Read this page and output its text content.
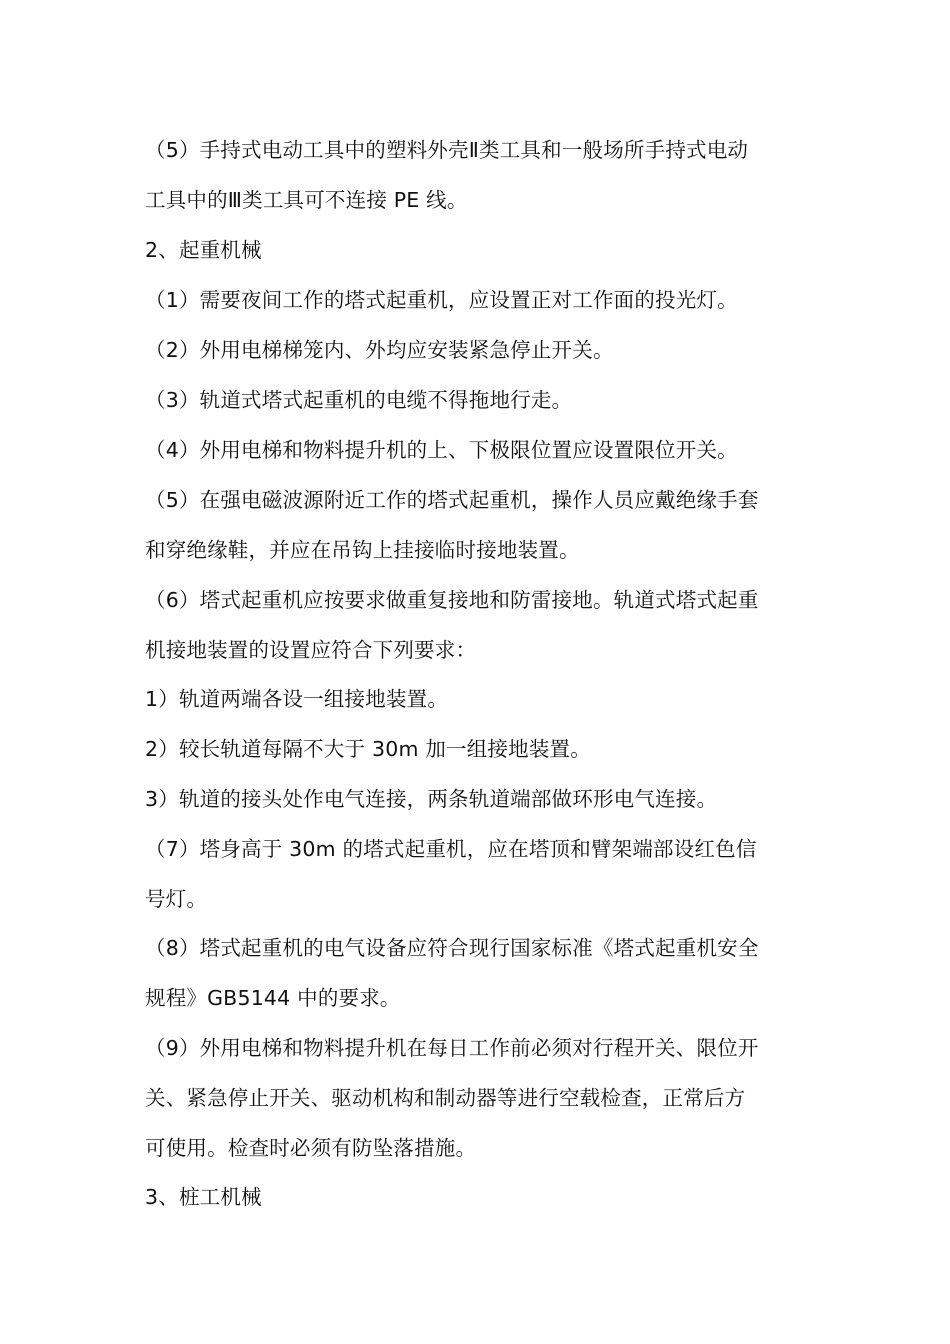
（5）手持式电动工具中的塑料外壳Ⅱ类工具和一般场所手持式电动
工具中的Ⅲ类工具可不连接 PE 线。
2、起重机械
（1）需要夜间工作的塔式起重机，应设置正对工作面的投光灯。
（2）外用电梯梯笼内、外均应安装紧急停止开关。
（3）轨道式塔式起重机的电缆不得拖地行走。
（4）外用电梯和物料提升机的上、下极限位置应设置限位开关。
（5）在强电磁波源附近工作的塔式起重机，操作人员应戴绝缘手套
和穿绝缘鞋，并应在吊钩上挂接临时接地装置。
（6）塔式起重机应按要求做重复接地和防雷接地。轨道式塔式起重
机接地装置的设置应符合下列要求：
1）轨道两端各设一组接地装置。
2）较长轨道每隔不大于 30m 加一组接地装置。
3）轨道的接头处作电气连接，两条轨道端部做环形电气连接。
（7）塔身高于 30m 的塔式起重机，应在塔顶和臂架端部设红色信
号灯。
（8）塔式起重机的电气设备应符合现行国家标准《塔式起重机安全
规程》GB5144 中的要求。
（9）外用电梯和物料提升机在每日工作前必须对行程开关、限位开
关、紧急停止开关、驱动机构和制动器等进行空载检查，正常后方
可使用。检查时必须有防坠落措施。
3、桩工机械
